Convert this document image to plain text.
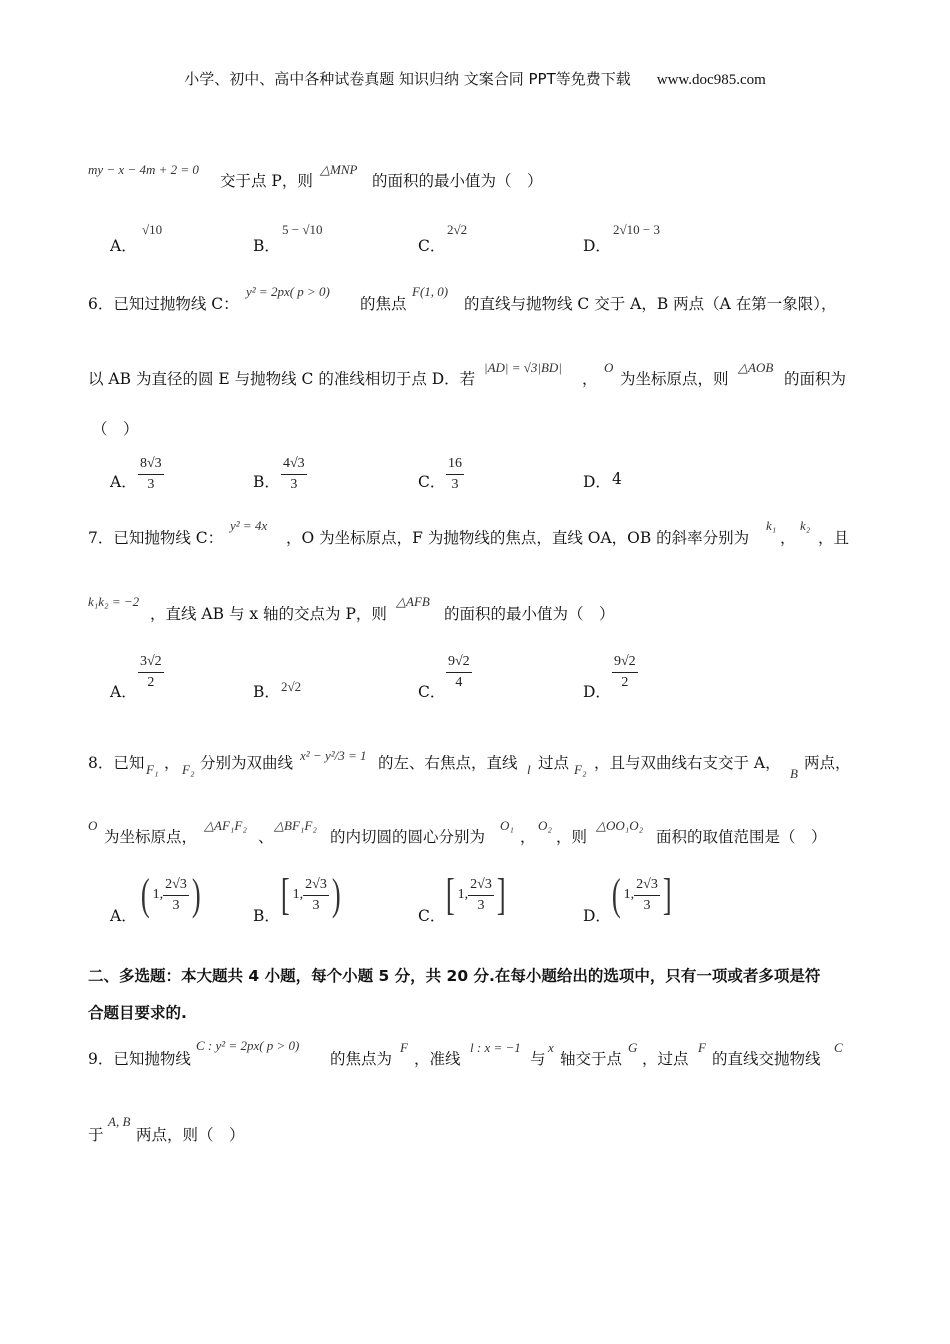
小学、初中、高中各种试卷真题 知识归纳 文案合同 PPT等免费下载 www.doc985.com
my − x − 4m + 2 = 0
交于点 P，则
△MNP
的面积的最小值为（　）
A．
√10
B．
5 − √10
C．
2√2
D．
2√10 − 3
6．已知过抛物线 C：
y² = 2px( p > 0)
的焦点
F(1, 0)
的直线与抛物线 C 交于 A，B 两点（A 在第一象限），
以 AB 为直径的圆 E 与抛物线 C 的准线相切于点 D．若
|AD| = √3|BD|
，
O
为坐标原点，则
△AOB
的面积为
（　）
A． $\frac{8√3}{3}$	B． $\frac{4√3}{3}$	C． $\frac{16}{3}$	D． 4
7．已知抛物线 C：
y² = 4x
，O 为坐标原点，F 为抛物线的焦点，直线 OA，OB 的斜率分别为
k₁
，
k₂
，且
k₁k₂ = −2
，直线 AB 与 x 轴的交点为 P，则
△AFB
的面积的最小值为（　）
A．
$\frac{3√2}{2}$
B． 2√2	C．
$\frac{9√2}{4}$
D．
$\frac{9√2}{2}$
8．已知 F₁ ， F₂ 分别为双曲线 x² − y²/3 = 1 的左、右焦点，直线 l 过点 F₂ ，且与双曲线右支交于 A，
B
两点，
O
为坐标原点，
△AF₁F₂
、
△BF₁F₂
的内切圆的圆心分别为
O₁
，
O₂
，则
△OO₁O₂
面积的取值范围是（　）
A． ( 1, $\frac{2√3}{3}$ )	B． [ 1, $\frac{2√3}{3}$ )	C． [ 1, $\frac{2√3}{3}$ ]	D． ( 1, $\frac{2√3}{3}$ ]
二、多选题：本大题共 4 小题，每个小题 5 分，共 20 分.在每小题给出的选项中，只有一项或者多项是符
合题目要求的.
9．已知抛物线
C : y² = 2px( p > 0)
的焦点为
F
，准线
l : x = −1
与
x
轴交于点
G
，过点
F
的直线交抛物线
C
于
A, B
两点，则（　）
